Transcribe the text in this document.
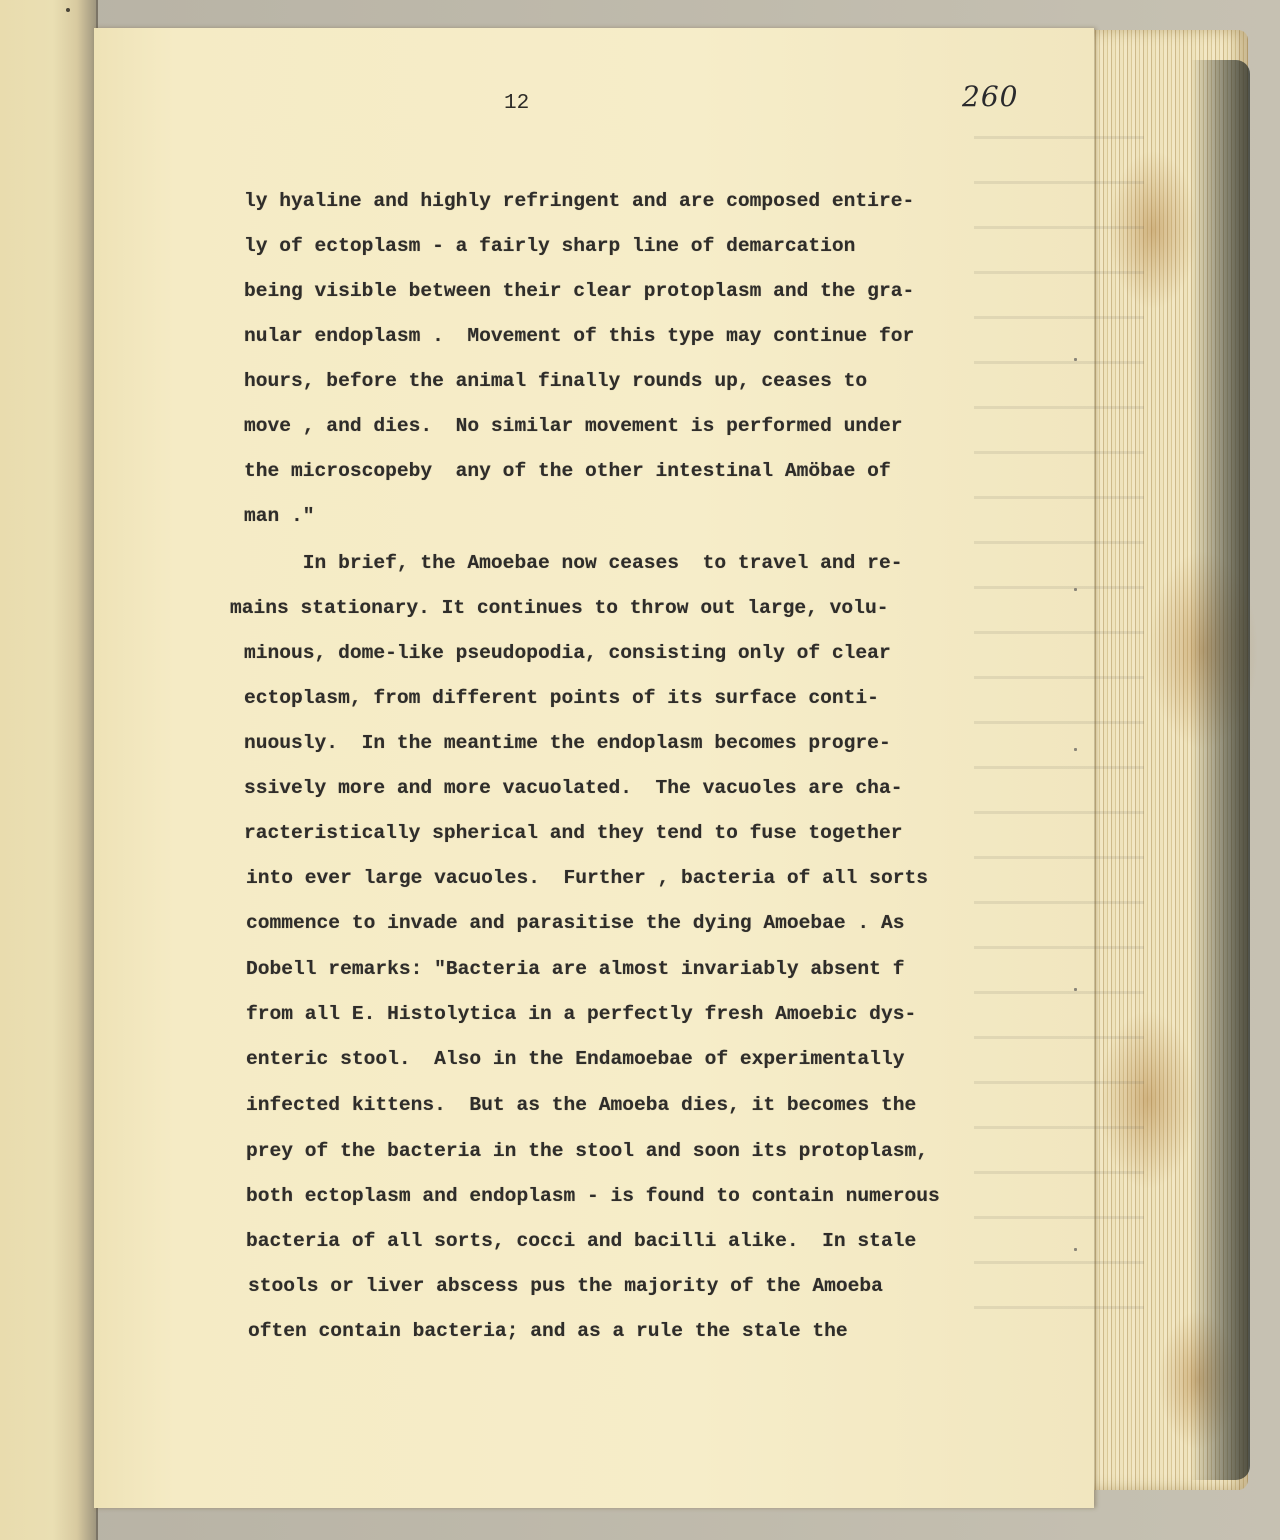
12	260
ly hyaline and highly refringent and are composed entire-
ly of ectoplasm - a fairly sharp line of demarcation
being visible between their clear protoplasm and the gra-
nular endoplasm .  Movement of this type may continue for
hours, before the animal finally rounds up, ceases to
move , and dies.  No similar movement is performed under
the microscopeby  any of the other intestinal Amöbae of
man ."
In brief, the Amoebae now ceases  to travel and re-
mains stationary. It continues to throw out large, volu-
minous, dome-like pseudopodia, consisting only of clear
ectoplasm, from different points of its surface conti-
nuously.  In the meantime the endoplasm becomes progre-
ssively more and more vacuolated.  The vacuoles are cha-
racteristically spherical and they tend to fuse together
into ever large vacuoles.  Further , bacteria of all sorts
commence to invade and parasitise the dying Amoebae . As
Dobell remarks: "Bacteria are almost invariably absent f
from all E. Histolytica in a perfectly fresh Amoebic dys-
enteric stool.  Also in the Endamoebae of experimentally
infected kittens.  But as the Amoeba dies, it becomes the
prey of the bacteria in the stool and soon its protoplasm,
both ectoplasm and endoplasm - is found to contain numerous
bacteria of all sorts, cocci and bacilli alike.  In stale
stools or liver abscess pus the majority of the Amoeba
often contain bacteria; and as a rule the stale the
